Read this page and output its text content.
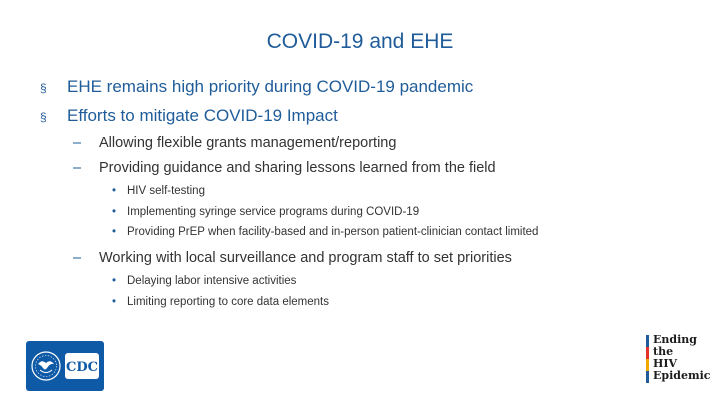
COVID-19 and EHE
§	EHE remains high priority during COVID-19 pandemic
§	Efforts to mitigate COVID-19 Impact
–	Allowing flexible grants management/reporting
–	Providing guidance and sharing lessons learned from the field
• HIV self-testing
• Implementing syringe service programs during COVID-19
• Providing PrEP when facility-based and in-person patient-clinician contact limited
–	Working with local surveillance and program staff to set priorities
• Delaying labor intensive activities
• Limiting reporting to core data elements
CDC
Ending
the
HIV
Epidemic
